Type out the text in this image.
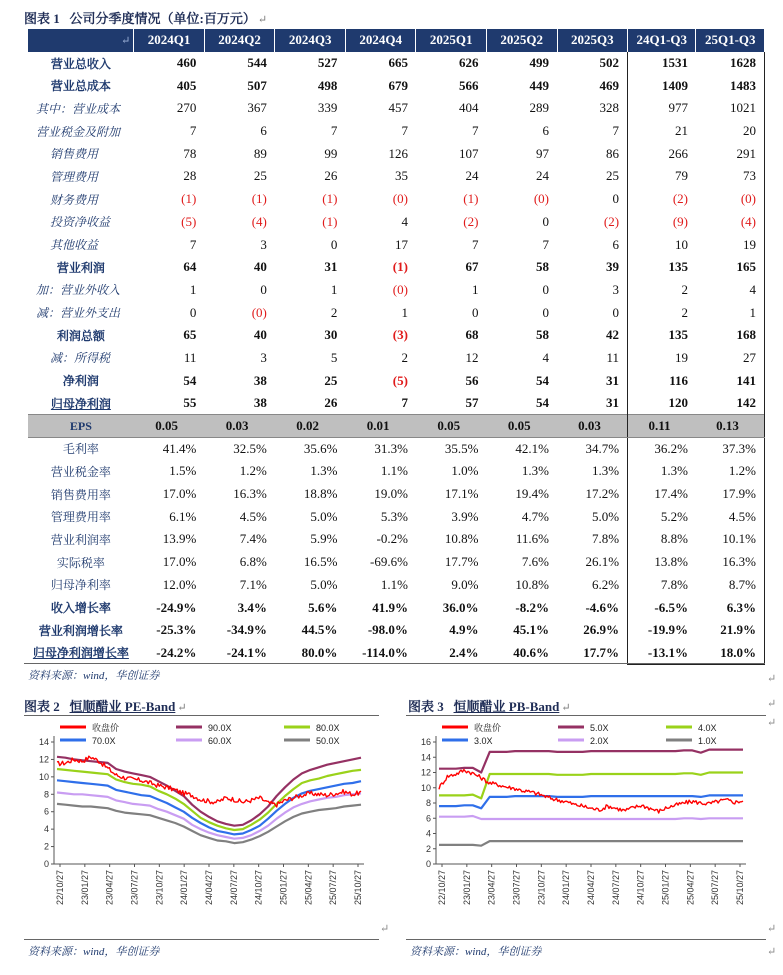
图表 1 公司分季度情况（单位:百万元） ↵
↵	2024Q1	2024Q2	2024Q3	2024Q4	2025Q1	2025Q2	2025Q3	24Q1-Q3	25Q1-Q3
营业总收入	460	544	527	665	626	499	502	1531	1628
营业总成本	405	507	498	679	566	449	469	1409	1483
其中：营业成本	270	367	339	457	404	289	328	977	1021
营业税金及附加	7	6	7	7	7	6	7	21	20
销售费用	78	89	99	126	107	97	86	266	291
管理费用	28	25	26	35	24	24	25	79	73
财务费用	(1)	(1)	(1)	(0)	(1)	(0)	0	(2)	(0)
投资净收益	(5)	(4)	(1)	4	(2)	0	(2)	(9)	(4)
其他收益	7	3	0	17	7	7	6	10	19
营业利润	64	40	31	(1)	67	58	39	135	165
加：营业外收入	1	0	1	(0)	1	0	3	2	4
减：营业外支出	0	(0)	2	1	0	0	0	2	1
利润总额	65	40	30	(3)	68	58	42	135	168
减：所得税	11	3	5	2	12	4	11	19	27
净利润	54	38	25	(5)	56	54	31	116	141
归母净利润	55	38	26	7	57	54	31	120	142
EPS	0.05	0.03	0.02	0.01	0.05	0.05	0.03	0.11	0.13
毛利率	41.4%	32.5%	35.6%	31.3%	35.5%	42.1%	34.7%	36.2%	37.3%
营业税金率	1.5%	1.2%	1.3%	1.1%	1.0%	1.3%	1.3%	1.3%	1.2%
销售费用率	17.0%	16.3%	18.8%	19.0%	17.1%	19.4%	17.2%	17.4%	17.9%
管理费用率	6.1%	4.5%	5.0%	5.3%	3.9%	4.7%	5.0%	5.2%	4.5%
营业利润率	13.9%	7.4%	5.9%	-0.2%	10.8%	11.6%	7.8%	8.8%	10.1%
实际税率	17.0%	6.8%	16.5%	-69.6%	17.7%	7.6%	26.1%	13.8%	16.3%
归母净利率	12.0%	7.1%	5.0%	1.1%	9.0%	10.8%	6.2%	7.8%	8.7%
收入增长率	-24.9%	3.4%	5.6%	41.9%	36.0%	-8.2%	-4.6%	-6.5%	6.3%
营业利润增长率	-25.3%	-34.9%	44.5%	-98.0%	4.9%	45.1%	26.9%	-19.9%	21.9%
归母净利润增长率	-24.2%	-24.1%	80.0%	-114.0%	2.4%	40.6%	17.7%	-13.1%	18.0%
资料来源：wind，华创证券
图表 2 恒顺醋业 PE-Band ↵
收盘价	90.0X	80.0X
70.0X	60.0X	50.0X
0
2
4
6
8
10
12
14
22/10/27 23/01/27 23/04/27 23/07/27 23/10/27 24/01/27 24/04/27 24/07/27 24/10/27 25/01/27 25/04/27 25/07/27 25/10/27
资料来源：wind，华创证券
图表 3 恒顺醋业 PB-Band ↵
收盘价	5.0X	4.0X
3.0X	2.0X	1.0X
0
2
4
6
8
10
12
14
16
22/10/27 23/01/27 23/04/27 23/07/27 23/10/27 24/01/27 24/04/27 24/07/27 24/10/27 25/01/27 25/04/27 25/07/27 25/10/27
资料来源：wind，华创证券
↵
↵
↵
↵	↵
↵
